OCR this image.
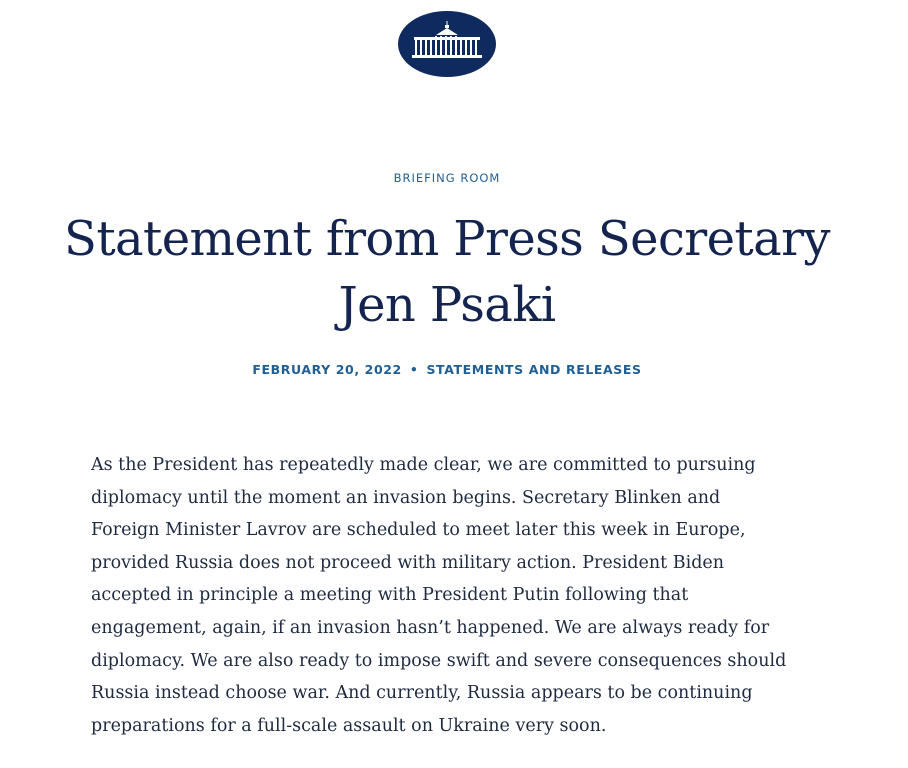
BRIEFING ROOM
Statement from Press Secretary
Jen Psaki
FEBRUARY 20, 2022 • STATEMENTS AND RELEASES

As the President has repeatedly made clear, we are committed to pursuing
diplomacy until the moment an invasion begins. Secretary Blinken and
Foreign Minister Lavrov are scheduled to meet later this week in Europe,
provided Russia does not proceed with military action. President Biden
accepted in principle a meeting with President Putin following that
engagement, again, if an invasion hasn’t happened. We are always ready for
diplomacy. We are also ready to impose swift and severe consequences should
Russia instead choose war. And currently, Russia appears to be continuing
preparations for a full-scale assault on Ukraine very soon.
